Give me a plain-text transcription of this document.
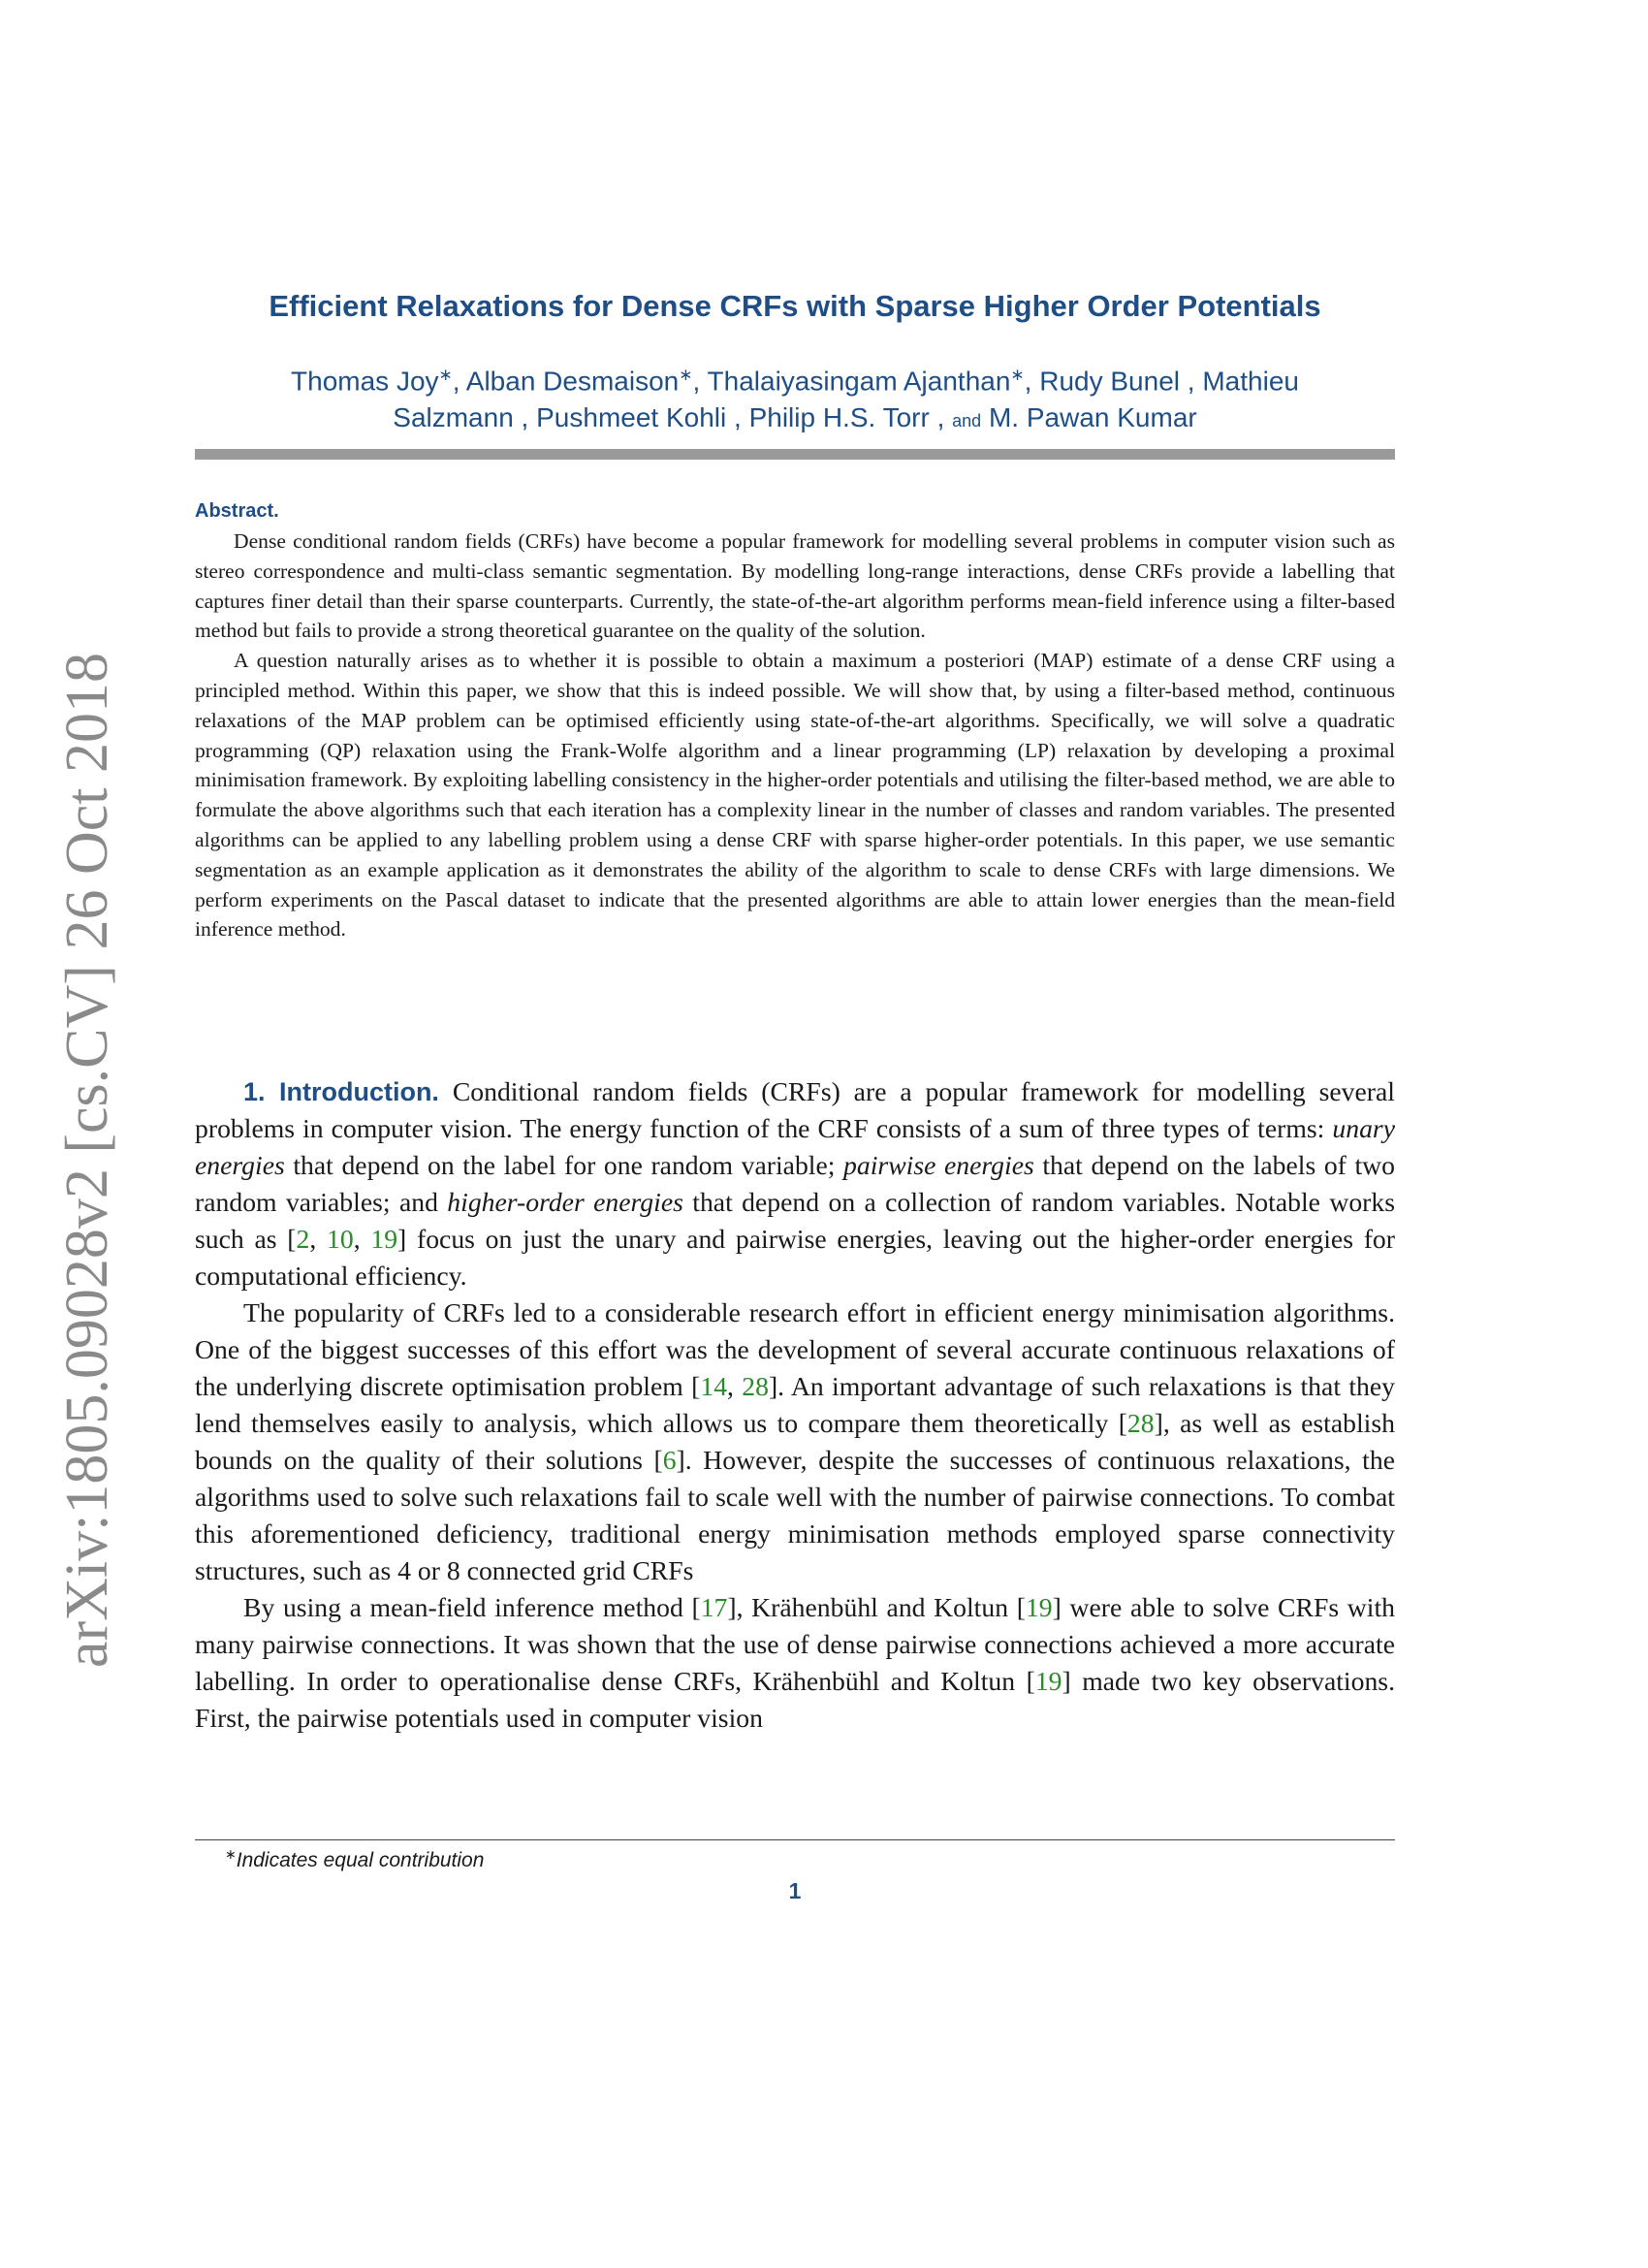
arXiv:1805.09028v2 [cs.CV] 26 Oct 2018
Efficient Relaxations for Dense CRFs with Sparse Higher Order Potentials
Thomas Joy∗, Alban Desmaison∗, Thalaiyasingam Ajanthan∗, Rudy Bunel , Mathieu Salzmann , Pushmeet Kohli , Philip H.S. Torr , and M. Pawan Kumar
Abstract.

Dense conditional random fields (CRFs) have become a popular framework for modelling several problems in computer vision such as stereo correspondence and multi-class semantic segmentation. By modelling long-range interactions, dense CRFs provide a labelling that captures finer detail than their sparse counterparts. Currently, the state-of-the-art algorithm performs mean-field inference using a filter-based method but fails to provide a strong theoretical guarantee on the quality of the solution.

A question naturally arises as to whether it is possible to obtain a maximum a posteriori (MAP) estimate of a dense CRF using a principled method. Within this paper, we show that this is indeed possible. We will show that, by using a filter-based method, continuous relaxations of the MAP problem can be optimised efficiently using state-of-the-art algorithms. Specifically, we will solve a quadratic programming (QP) relaxation using the Frank-Wolfe algorithm and a linear programming (LP) relaxation by developing a proximal minimisation framework. By exploiting labelling consistency in the higher-order potentials and utilising the filter-based method, we are able to formulate the above algorithms such that each iteration has a complexity linear in the number of classes and random variables. The presented algorithms can be applied to any labelling problem using a dense CRF with sparse higher-order potentials. In this paper, we use semantic segmentation as an example application as it demonstrates the ability of the algorithm to scale to dense CRFs with large dimensions. We perform experiments on the Pascal dataset to indicate that the presented algorithms are able to attain lower energies than the mean-field inference method.

1. Introduction. Conditional random fields (CRFs) are a popular framework for modelling several problems in computer vision. The energy function of the CRF consists of a sum of three types of terms: unary energies that depend on the label for one random variable; pairwise energies that depend on the labels of two random variables; and higher-order energies that depend on a collection of random variables. Notable works such as [2, 10, 19] focus on just the unary and pairwise energies, leaving out the higher-order energies for computational efficiency.

The popularity of CRFs led to a considerable research effort in efficient energy minimisation algorithms. One of the biggest successes of this effort was the development of several accurate continuous relaxations of the underlying discrete optimisation problem [14, 28]. An important advantage of such relaxations is that they lend themselves easily to analysis, which allows us to compare them theoretically [28], as well as establish bounds on the quality of their solutions [6]. However, despite the successes of continuous relaxations, the algorithms used to solve such relaxations fail to scale well with the number of pairwise connections. To combat this aforementioned deficiency, traditional energy minimisation methods employed sparse connectivity structures, such as 4 or 8 connected grid CRFs

By using a mean-field inference method [17], Krähenbühl and Koltun [19] were able to solve CRFs with many pairwise connections. It was shown that the use of dense pairwise connections achieved a more accurate labelling. In order to operationalise dense CRFs, Krähenbühl and Koltun [19] made two key observations. First, the pairwise potentials used in computer vision

∗Indicates equal contribution
1
